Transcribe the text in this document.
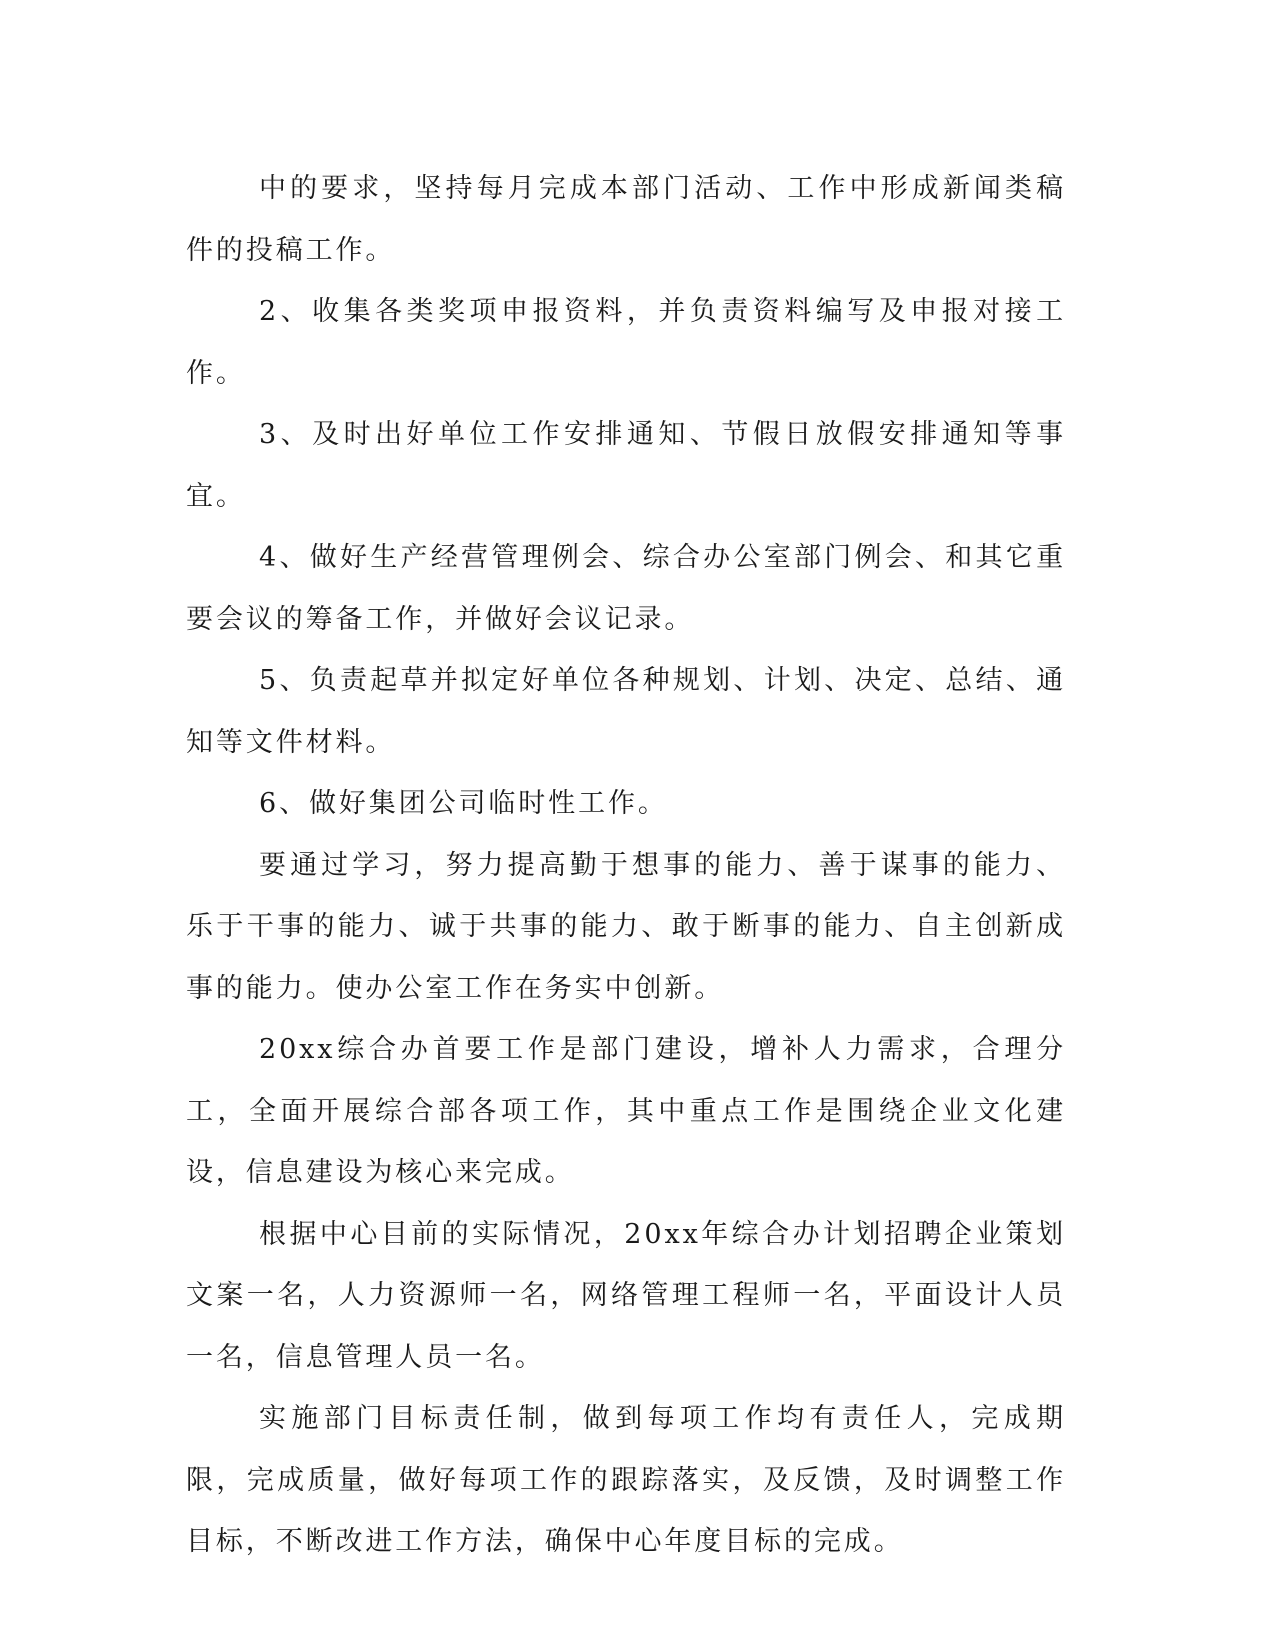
中的要求，坚持每月完成本部门活动、工作中形成新闻类稿件的投稿工作。

2、收集各类奖项申报资料，并负责资料编写及申报对接工作。

3、及时出好单位工作安排通知、节假日放假安排通知等事宜。

4、做好生产经营管理例会、综合办公室部门例会、和其它重要会议的筹备工作，并做好会议记录。

5、负责起草并拟定好单位各种规划、计划、决定、总结、通知等文件材料。

6、做好集团公司临时性工作。

要通过学习，努力提高勤于想事的能力、善于谋事的能力、乐于干事的能力、诚于共事的能力、敢于断事的能力、自主创新成事的能力。使办公室工作在务实中创新。

20xx综合办首要工作是部门建设，增补人力需求，合理分工，全面开展综合部各项工作，其中重点工作是围绕企业文化建设，信息建设为核心来完成。

根据中心目前的实际情况，20xx年综合办计划招聘企业策划文案一名，人力资源师一名，网络管理工程师一名，平面设计人员一名，信息管理人员一名。

实施部门目标责任制，做到每项工作均有责任人，完成期限，完成质量，做好每项工作的跟踪落实，及反馈，及时调整工作目标，不断改进工作方法，确保中心年度目标的完成。
